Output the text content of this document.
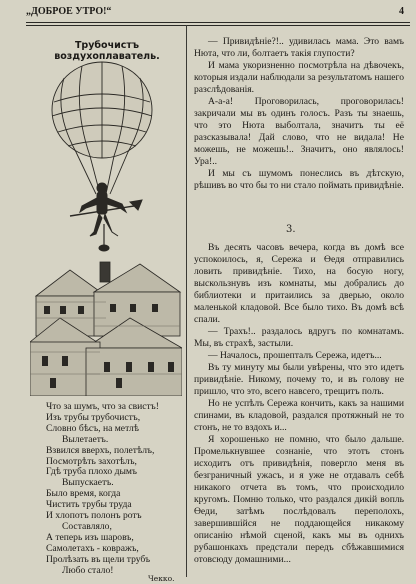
„ДОБРОЕ УТРО!“	4
Трубочистъ воздухоплаватель.
Что за шумъ, что за свистъ!
Изъ трубы трубочистъ,
Словно бѣсъ, на метлѣ
Вылетаетъ.
Взвился вверхъ, полетѣлъ,
Посмотрѣть захотѣлъ,
Гдѣ труба плохо дымъ
Выпускаетъ.
Было время, когда
Чистить трубы труда
И хлопотъ полонъ ротъ
Составляло,
А теперь изъ шаровъ,
Самолетахъ - ковражъ,
Пролѣзать въ щели трубъ
Любо стало!
Чекко.

— Привидѣніе?!.. удивилась мама. Это вамъ Нюта, что ли, болтаетъ такія глупости?

И мама укоризненно посмотрѣла на дѣвочекъ, которыя издали наблюдали за результатомъ нашего разслѣдованія.

А-а-а! Проговорилась, проговорилась! закричали мы въ одинъ голосъ. Разъ ты знаешь, что это Нюта выболтала, значитъ ты её разсказывала! Дай слово, что не видала! Не можешь, не можешь!.. Значитъ, оно являлось! Ура!..

И мы съ шумомъ понеслись въ дѣтскую, рѣшивъ во что бы то ни стало поймать привидѣніе.

3.

Въ десять часовъ вечера, когда въ домѣ все успокоилось, я, Сережа и Өедя отправились ловить привидѣніе. Тихо, на босую ногу, выскользнувъ изъ комнаты, мы добрались до библиотеки и притаились за дверью, около маленькой кладовой. Все было тихо. Въ домѣ всѣ спали.

— Трахъ!.. раздалось вдругъ по комнатамъ. Мы, въ страхѣ, застыли.

— Началось, прошепталъ Сережа, идетъ...

Въ ту минуту мы были увѣрены, что это идетъ привидѣніе. Никому, почему то, и въ голову не пришло, что это, всего навсего, трещитъ полъ.

Но не успѣлъ Сережа кончить, какъ за нашими спинами, въ кладовой, раздался протяжный не то стонъ, не то вздохъ и...

Я хорошенько не помню, что было дальше. Промелькнувшее сознаніе, что этотъ стонъ исходитъ отъ привидѣнія, повергло меня въ безграничный ужасъ, и я уже не отдавалъ себѣ никакого отчета въ томъ, что происходило кругомъ. Помню только, что раздался дикій вопль Өеди, затѣмъ послѣдовалъ переполохъ, завершившійся не поддающейся никакому описанію нѣмой сценой, какъ мы въ однихъ рубашонкахъ предстали передъ сбѣжавшимися отовсюду домашними...
